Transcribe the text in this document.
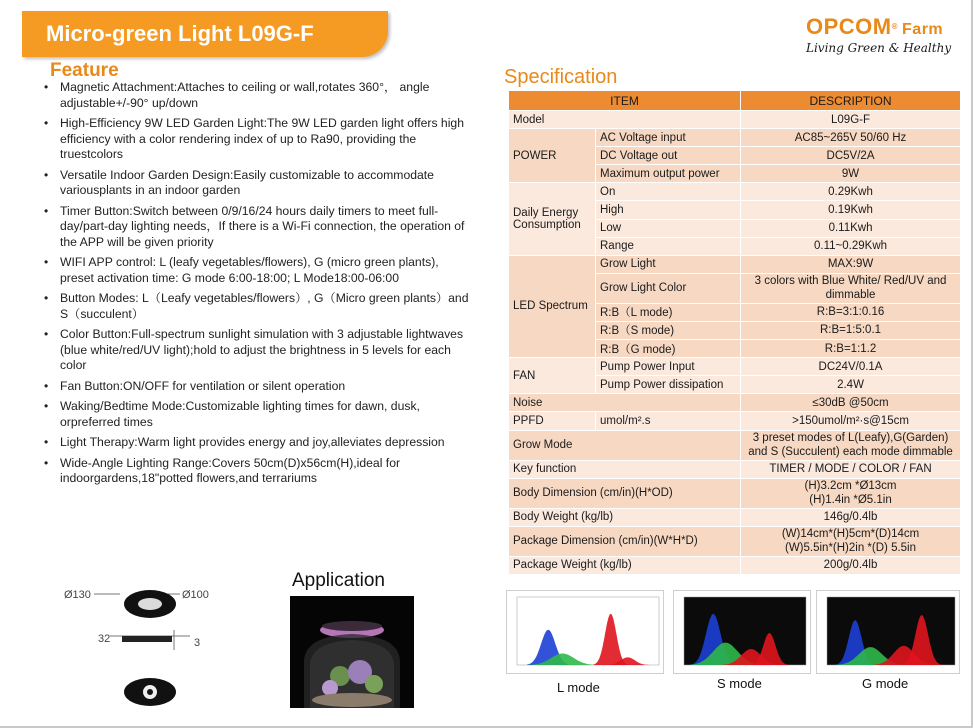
Micro-green Light L09G-F	OPCOM® Farm
Living Green & Healthy
Feature
• Magnetic Attachment:Attaches to ceiling or wall,rotates 360°， angle adjustable+/-90° up/down
• High-Efficiency 9W LED Garden Light:The 9W LED garden light offers high efficiency with a color rendering index of up to Ra90, providing the truestcolors
• Versatile Indoor Garden Design:Easily customizable to accommodate variousplants in an indoor garden
• Timer Button:Switch between 0/9/16/24 hours daily timers to meet full-day/part-day lighting needs，If there is a Wi-Fi connection, the operation of the APP will be given priority
• WIFI APP control: L (leafy vegetables/flowers), G (micro green plants), preset activation time: G mode 6:00-18:00; L Mode18:00-06:00
• Button Modes: L（Leafy vegetables/flowers）, G（Micro green plants）and S（succulent）
• Color Button:Full-spectrum sunlight simulation with 3 adjustable lightwaves (blue white/red/UV light);hold to adjust the brightness in 5 levels for each color
• Fan Button:ON/OFF for ventilation or silent operation
• Waking/Bedtime Mode:Customizable lighting times for dawn, dusk, orpreferred times
• Light Therapy:Warm light provides energy and joy,alleviates depression
• Wide-Angle Lighting Range:Covers 50cm(D)x56cm(H),ideal for indoorgardens,18"potted flowers,and terrariums
Specification
ITEM		DESCRIPTION
Model		L09G-F
POWER	AC Voltage input	AC85~265V 50/60 Hz
	DC Voltage out	DC5V/2A
	Maximum output power	9W
Daily Energy Consumption	On	0.29Kwh
	High	0.19Kwh
	Low	0.11Kwh
	Range	0.11~0.29Kwh
LED Spectrum	Grow Light	MAX:9W
	Grow Light Color	3 colors with Blue White/ Red/UV and dimmable
	R:B（L mode)	R:B=3:1:0.16
	R:B（S mode)	R:B=1:5:0.1
	R:B（G mode)	R:B=1:1.2
FAN	Pump Power Input	DC24V/0.1A
	Pump Power dissipation	2.4W
Noise		≤30dB @50cm
PPFD	umol/m².s	>150umol/m²·s@15cm
Grow Mode		3 preset modes of L(Leafy),G(Garden) and S (Succulent) each mode dimmable
Key function		TIMER / MODE / COLOR / FAN
Body Dimension (cm/in)(H*OD)		(H)3.2cm *Ø13cm
(H)1.4in *Ø5.1in

Body Weight (kg/lb)		146g/0.4lb
Package Dimension (cm/in)(W*H*D)		(W)14cm*(H)5cm*(D)14cm
(W)5.5in*(H)2in *(D) 5.5in

Package Weight (kg/lb)		200g/0.4lb
Ø130	Ø100
32	3
Application
L mode	S mode	G mode
